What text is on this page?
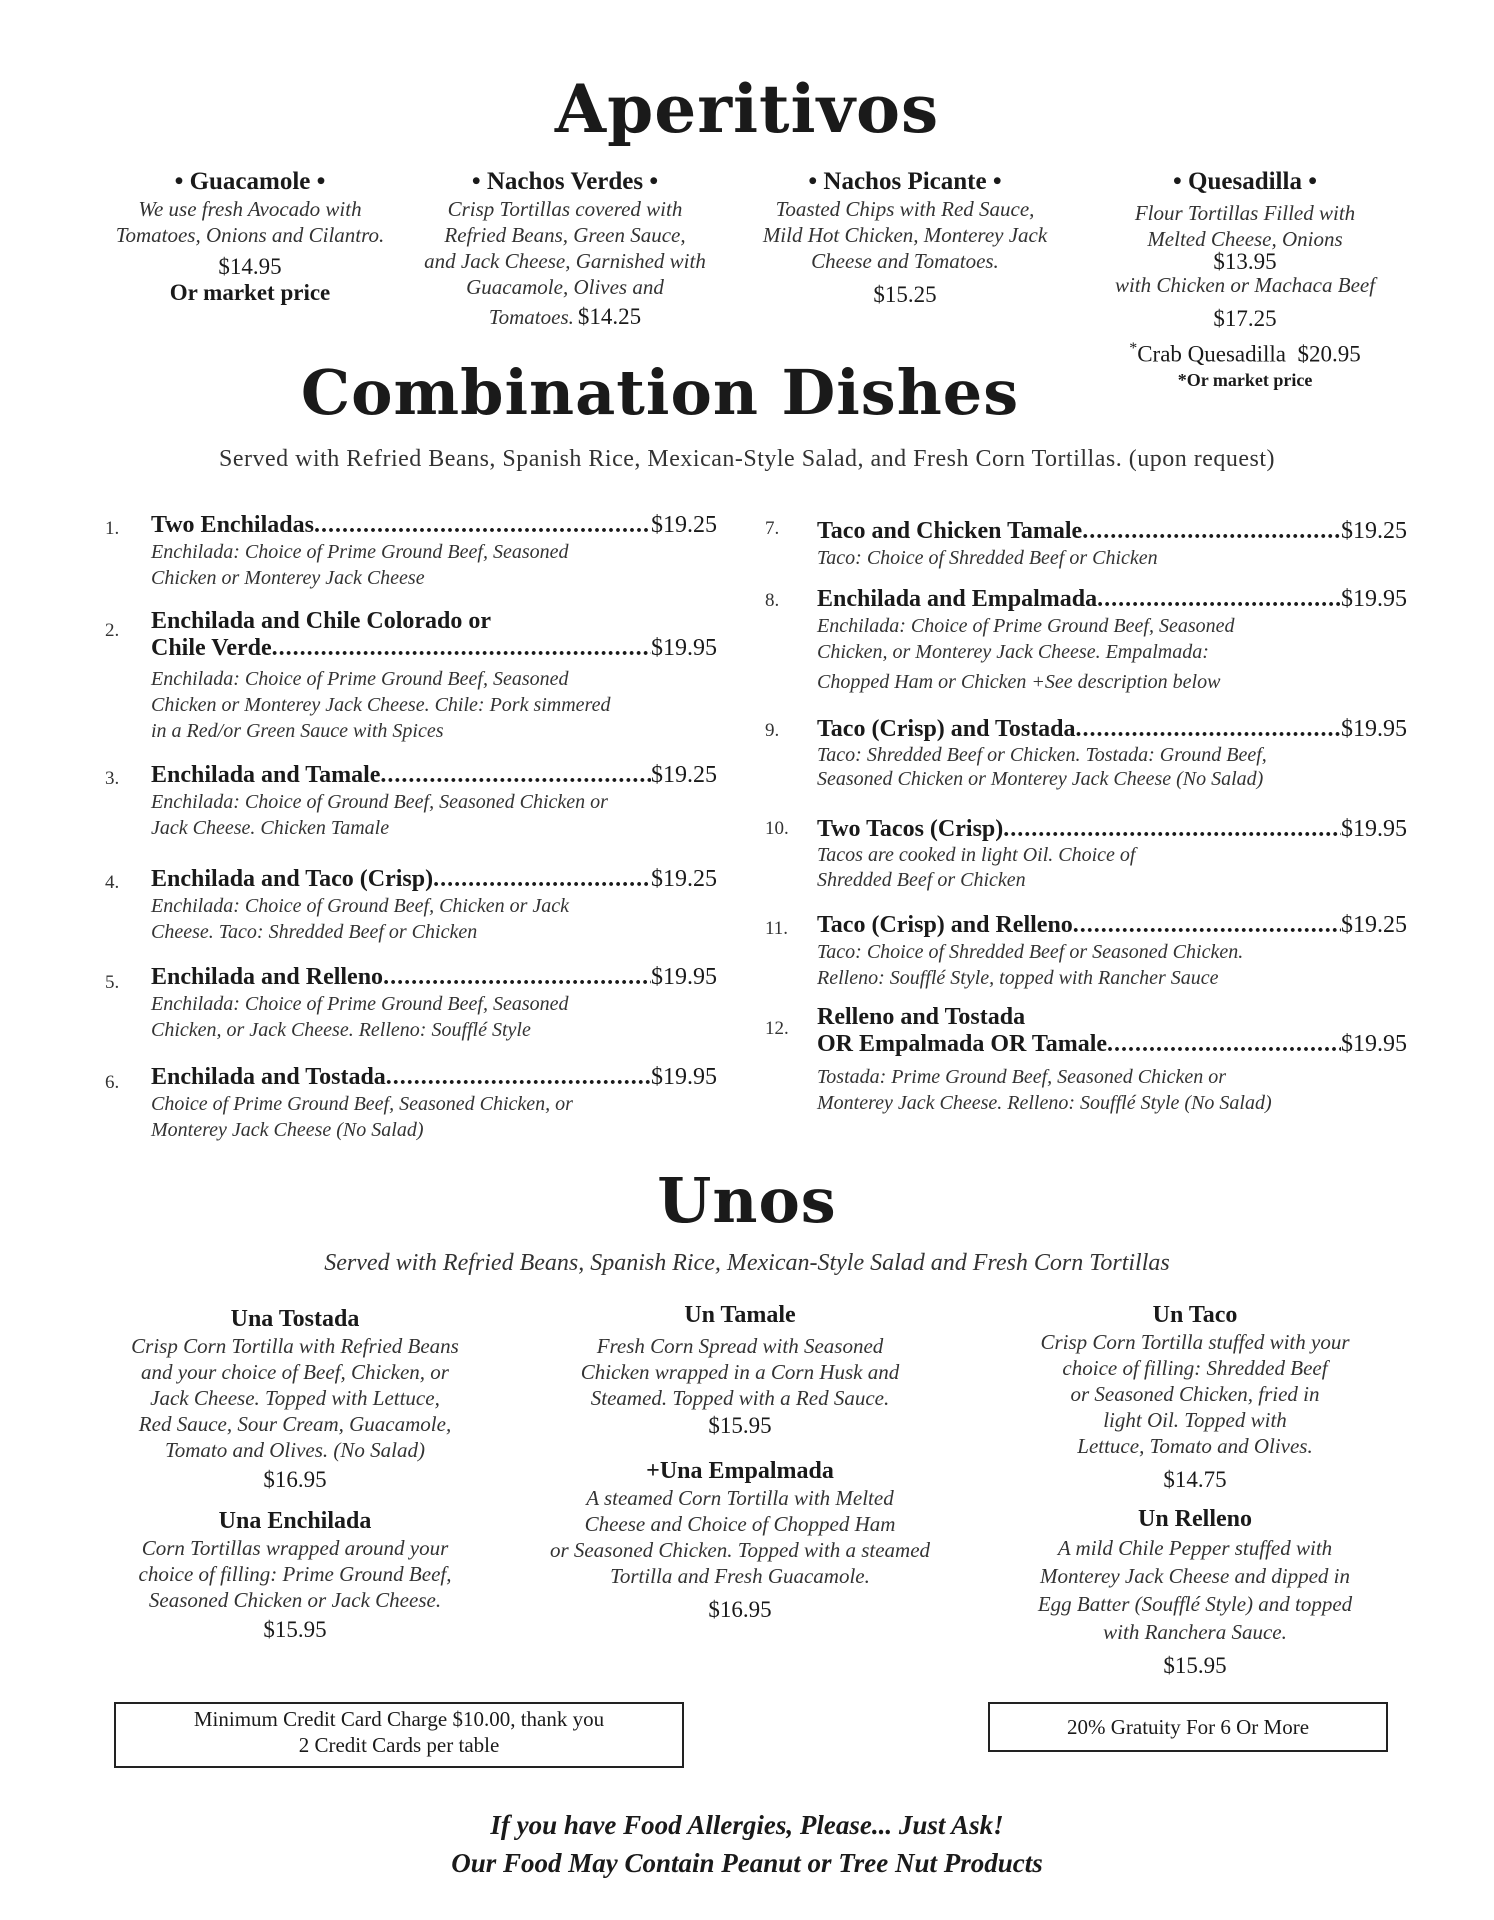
Aperitivos
• Guacamole •
We use fresh Avocado with
Tomatoes, Onions and Cilantro.
$14.95
Or market price
• Nachos Verdes •
Crisp Tortillas covered with
Refried Beans, Green Sauce,
and Jack Cheese, Garnished with
Guacamole, Olives and
Tomatoes. $14.25
• Nachos Picante •
Toasted Chips with Red Sauce,
Mild Hot Chicken, Monterey Jack
Cheese and Tomatoes.
$15.25
• Quesadilla •
Flour Tortillas Filled with
Melted Cheese, Onions
$13.95
with Chicken or Machaca Beef
$17.25
*Crab Quesadilla $20.95
*Or market price
Combination Dishes
Served with Refried Beans, Spanish Rice, Mexican-Style Salad, and Fresh Corn Tortillas. (upon request)
1. Two Enchiladas .....	$19.25
Enchilada: Choice of Prime Ground Beef, Seasoned
Chicken or Monterey Jack Cheese
2. Enchilada and Chile Colorado or
Chile Verde .....	$19.95
Enchilada: Choice of Prime Ground Beef, Seasoned
Chicken or Monterey Jack Cheese. Chile: Pork simmered
in a Red/or Green Sauce with Spices
3. Enchilada and Tamale .....	$19.25
Enchilada: Choice of Ground Beef, Seasoned Chicken or
Jack Cheese. Chicken Tamale
4. Enchilada and Taco (Crisp) .....	$19.25
Enchilada: Choice of Ground Beef, Chicken or Jack
Cheese. Taco: Shredded Beef or Chicken
5. Enchilada and Relleno .....	$19.95
Enchilada: Choice of Prime Ground Beef, Seasoned
Chicken, or Jack Cheese. Relleno: Soufflé Style
6. Enchilada and Tostada .....	$19.95
Choice of Prime Ground Beef, Seasoned Chicken, or
Monterey Jack Cheese (No Salad)
7. Taco and Chicken Tamale .....	$19.25
Taco: Choice of Shredded Beef or Chicken
8. Enchilada and Empalmada .....	$19.95
Enchilada: Choice of Prime Ground Beef, Seasoned
Chicken, or Monterey Jack Cheese. Empalmada:
Chopped Ham or Chicken +See description below
9. Taco (Crisp) and Tostada .....	$19.95
Taco: Shredded Beef or Chicken. Tostada: Ground Beef,
Seasoned Chicken or Monterey Jack Cheese (No Salad)
10. Two Tacos (Crisp) .....	$19.95
Tacos are cooked in light Oil. Choice of
Shredded Beef or Chicken
11. Taco (Crisp) and Relleno .....	$19.25
Taco: Choice of Shredded Beef or Seasoned Chicken.
Relleno: Soufflé Style, topped with Rancher Sauce
12. Relleno and Tostada
OR Empalmada OR Tamale .....	$19.95
Tostada: Prime Ground Beef, Seasoned Chicken or
Monterey Jack Cheese. Relleno: Soufflé Style (No Salad)
Unos
Served with Refried Beans, Spanish Rice, Mexican-Style Salad and Fresh Corn Tortillas
Una Tostada
Crisp Corn Tortilla with Refried Beans
and your choice of Beef, Chicken, or
Jack Cheese. Topped with Lettuce,
Red Sauce, Sour Cream, Guacamole,
Tomato and Olives. (No Salad)
$16.95
Una Enchilada
Corn Tortillas wrapped around your
choice of filling: Prime Ground Beef,
Seasoned Chicken or Jack Cheese.
$15.95
Un Tamale
Fresh Corn Spread with Seasoned
Chicken wrapped in a Corn Husk and
Steamed. Topped with a Red Sauce.
$15.95
+Una Empalmada
A steamed Corn Tortilla with Melted
Cheese and Choice of Chopped Ham
or Seasoned Chicken. Topped with a steamed
Tortilla and Fresh Guacamole.
$16.95
Un Taco
Crisp Corn Tortilla stuffed with your
choice of filling: Shredded Beef
or Seasoned Chicken, fried in
light Oil. Topped with
Lettuce, Tomato and Olives.
$14.75
Un Relleno
A mild Chile Pepper stuffed with
Monterey Jack Cheese and dipped in
Egg Batter (Soufflé Style) and topped
with Ranchera Sauce.
$15.95
Minimum Credit Card Charge $10.00, thank you
2 Credit Cards per table
20% Gratuity For 6 Or More
If you have Food Allergies, Please... Just Ask!
Our Food May Contain Peanut or Tree Nut Products
